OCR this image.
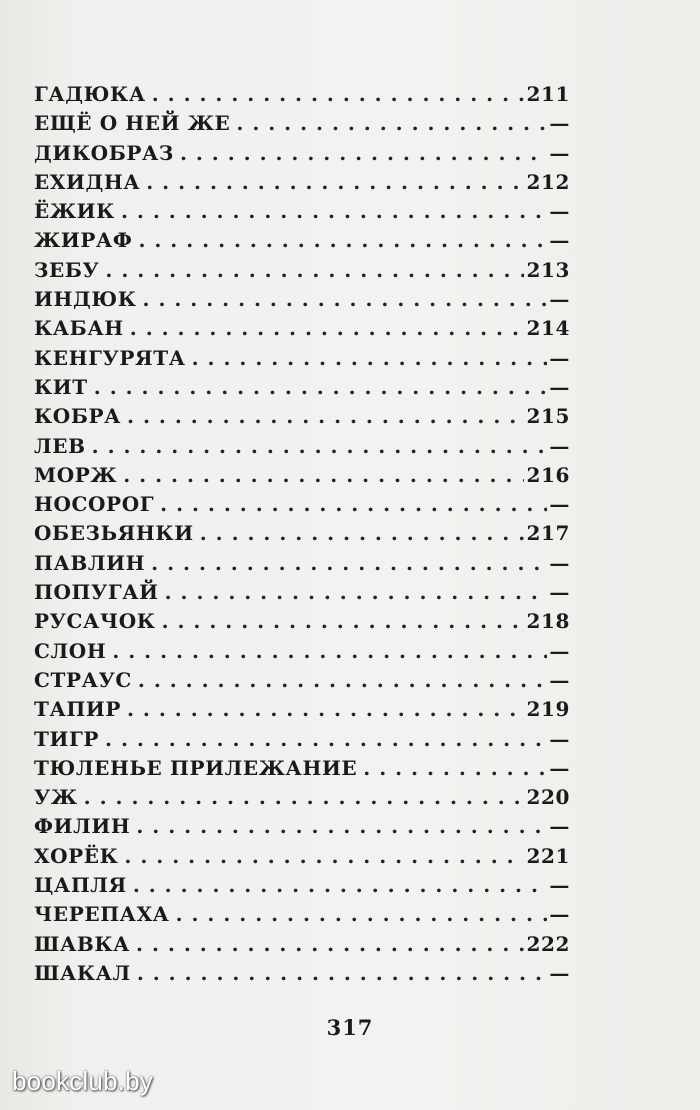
ГАДЮКА . . .	211
ЕЩЁ О НЕЙ ЖЕ . . .	—
ДИКОБРАЗ . . .	—
ЕХИДНА . . .	212
ЁЖИК . . .	—
ЖИРАФ . . .	—
ЗЕБУ . . .	213
ИНДЮК . . .	—
КАБАН . . .	214
КЕНГУРЯТА . . .	—
КИТ . . .	—
КОБРА . . .	215
ЛЕВ . . .	—
МОРЖ . . .	216
НОСОРОГ . . .	—
ОБЕЗЬЯНКИ . . .	217
ПАВЛИН . . .	—
ПОПУГАЙ . . .	—
РУСАЧОК . . .	218
СЛОН . . .	—
СТРАУС . . .	—
ТАПИР . . .	219
ТИГР . . .	—
ТЮЛЕНЬЕ ПРИЛЕЖАНИЕ . . .	—
УЖ . . .	220
ФИЛИН . . .	—
ХОРЁК . . .	221
ЦАПЛЯ . . .	—
ЧЕРЕПАХА . . .	—
ШАВКА . . .	222
ШАКАЛ . . .	—
317
bookclub.by
